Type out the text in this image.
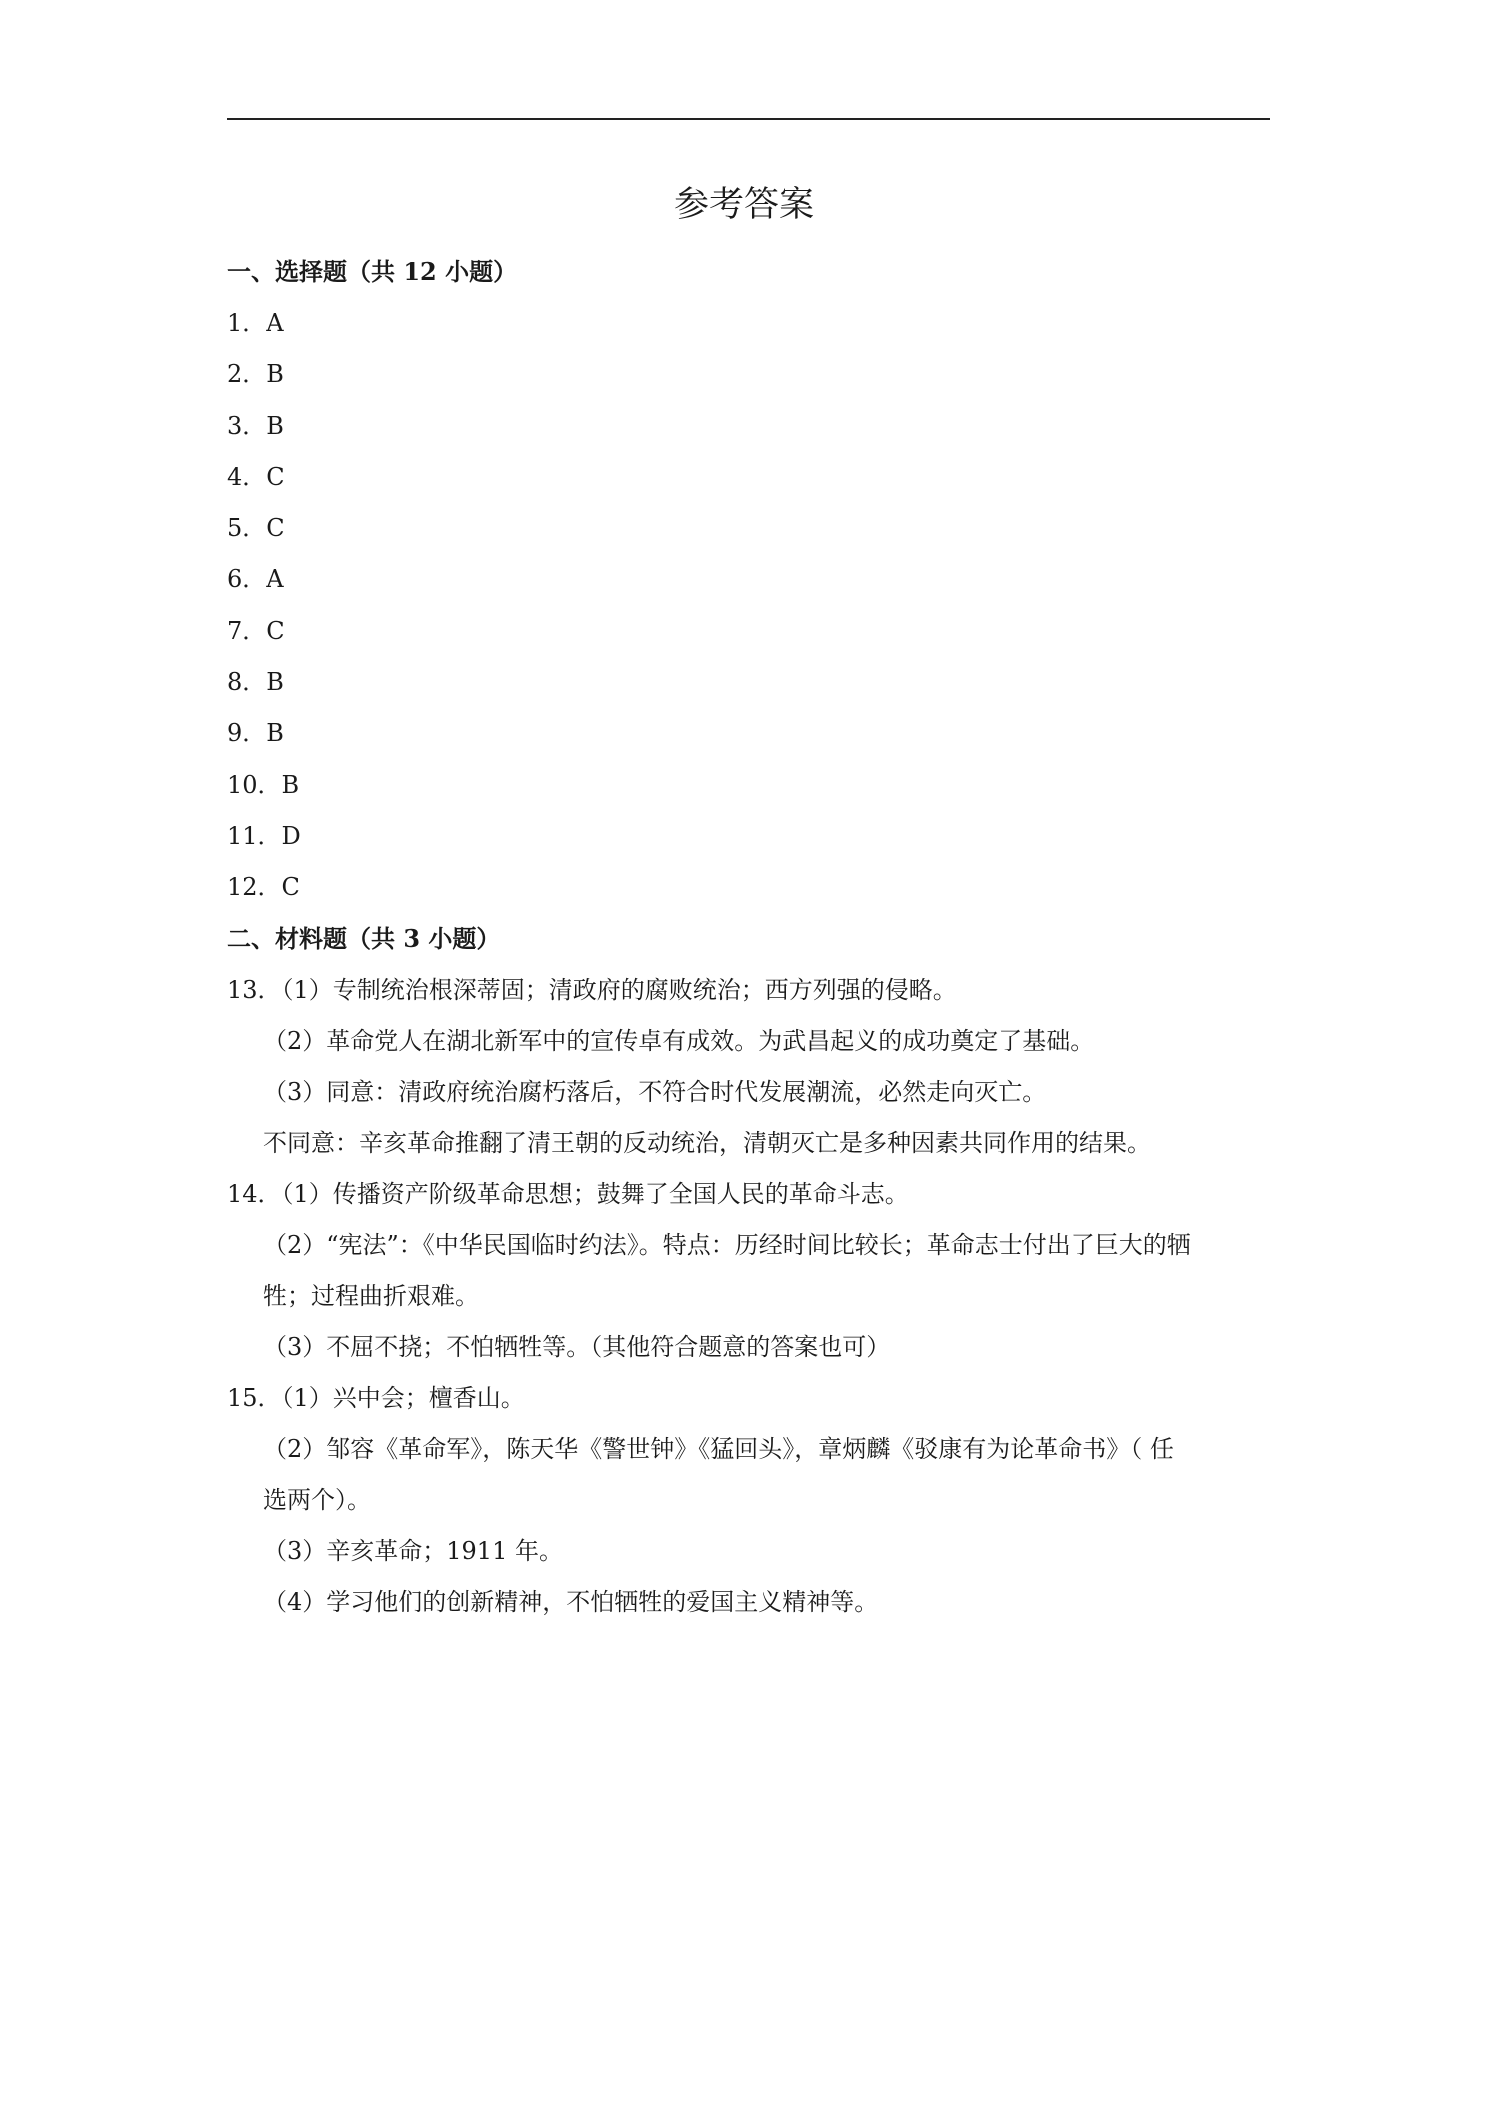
参考答案
一、选择题（共 12 小题）
1．A
2．B
3．B
4．C
5．C
6．A
7．C
8．B
9．B
10．B
11．D
12．C
二、材料题（共 3 小题）
13．（1）专制统治根深蒂固；清政府的腐败统治；西方列强的侵略。
（2）革命党人在湖北新军中的宣传卓有成效。为武昌起义的成功奠定了基础。
（3）同意：清政府统治腐朽落后，不符合时代发展潮流，必然走向灭亡。
不同意：辛亥革命推翻了清王朝的反动统治，清朝灭亡是多种因素共同作用的结果。
14．（1）传播资产阶级革命思想；鼓舞了全国人民的革命斗志。
（2）“宪法”：《中华民国临时约法》。特点：历经时间比较长；革命志士付出了巨大的牺
牲；过程曲折艰难。
（3）不屈不挠；不怕牺牲等。（其他符合题意的答案也可）
15．（1）兴中会；檀香山。
（2）邹容《革命军》，陈天华《警世钟》《猛回头》，章炳麟《驳康有为论革命书》（ 任
选两个）。
（3）辛亥革命；1911 年。
（4）学习他们的创新精神，不怕牺牲的爱国主义精神等。
